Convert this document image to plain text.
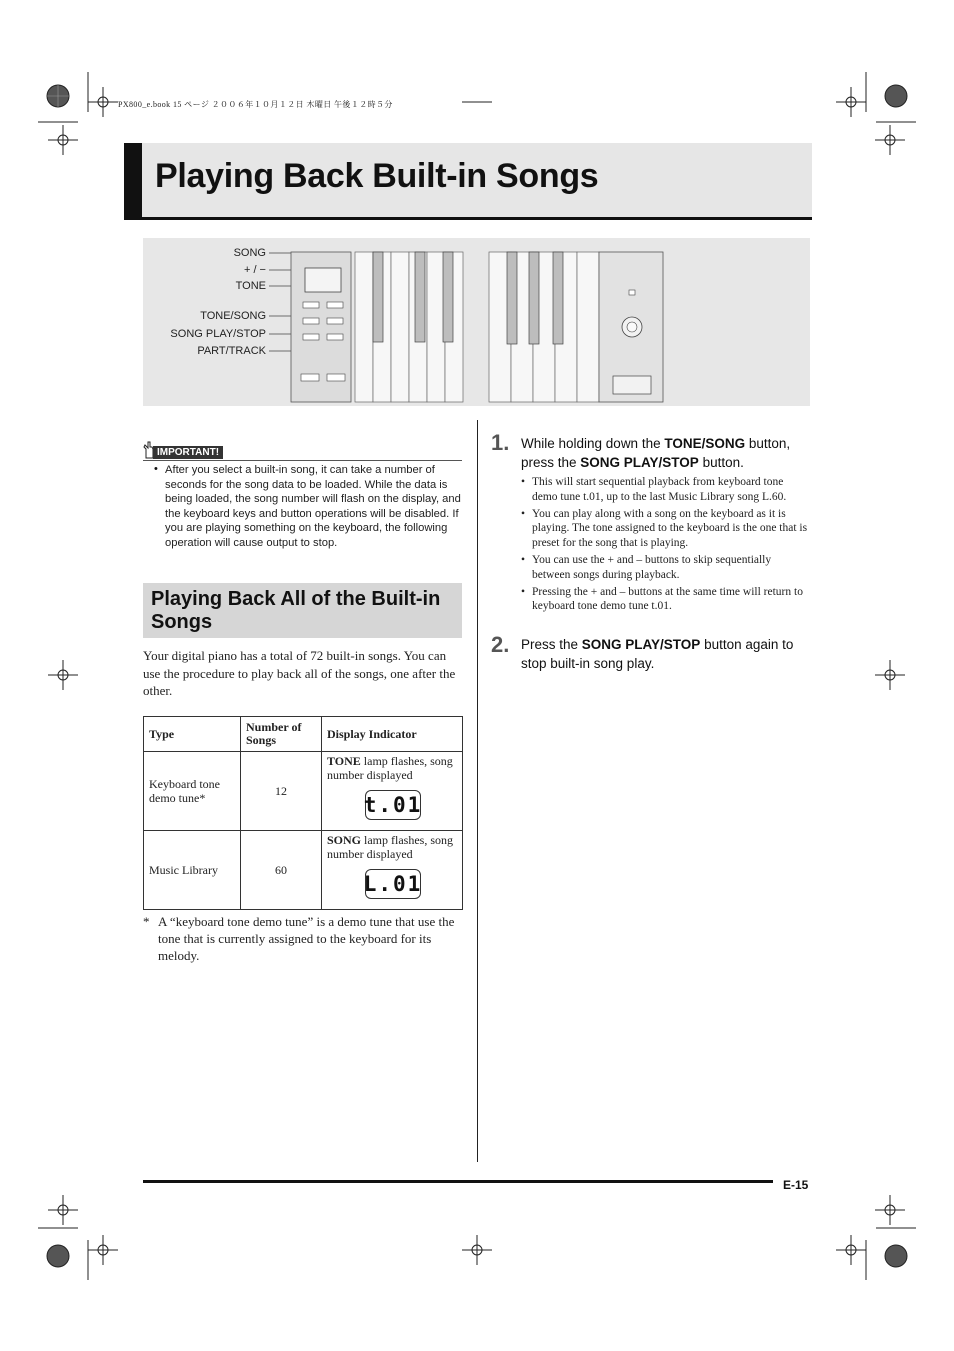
PX800_e.book 15 ページ ２００６年１０月１２日 木曜日 午後１２時５分
Playing Back Built-in Songs
SONG
+ / −
TONE
TONE/SONG
SONG PLAY/STOP
PART/TRACK
IMPORTANT!
• After you select a built-in song, it can take a number of seconds for the song data to be loaded. While the data is being loaded, the song number will flash on the display, and the keyboard keys and button operations will be disabled. If you are playing something on the keyboard, the following operation will cause output to stop.
Playing Back All of the Built-in Songs
Your digital piano has a total of 72 built-in songs. You can use the procedure to play back all of the songs, one after the other.
Type	Number of Songs	Display Indicator
Keyboard tone demo tune*	12	TONE lamp flashes, song number displayed
t.01

Music Library	60	SONG lamp flashes, song number displayed
L.01
* A “keyboard tone demo tune” is a demo tune that use the tone that is currently assigned to the keyboard for its melody.
1. While holding down the TONE/SONG button, press the SONG PLAY/STOP button.
• This will start sequential playback from keyboard tone demo tune t.01, up to the last Music Library song L.60.
• You can play along with a song on the keyboard as it is playing. The tone assigned to the keyboard is the one that is preset for the song that is playing.
• You can use the + and – buttons to skip sequentially between songs during playback.
• Pressing the + and – buttons at the same time will return to keyboard tone demo tune t.01.
2. Press the SONG PLAY/STOP button again to stop built-in song play.
E-15
